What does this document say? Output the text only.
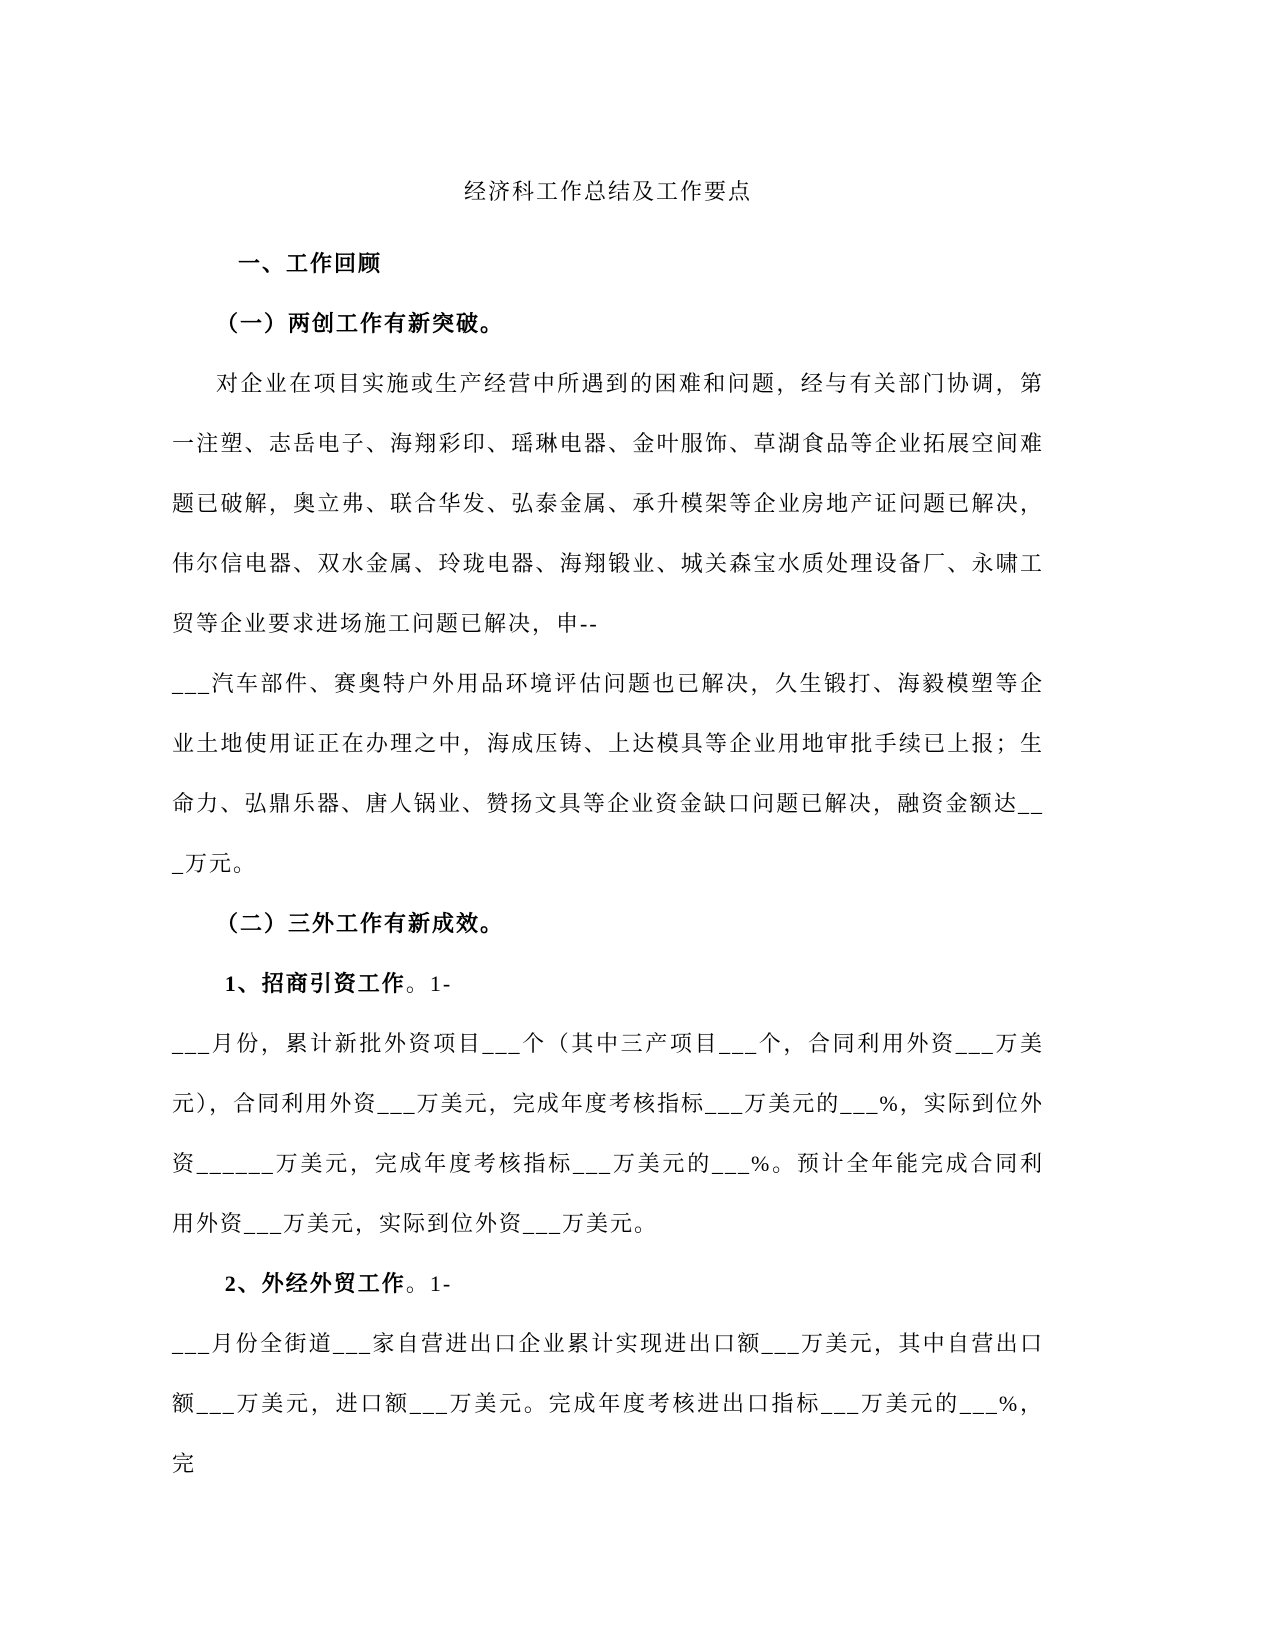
经济科工作总结及工作要点

一、工作回顾

（一）两创工作有新突破。

对企业在项目实施或生产经营中所遇到的困难和问题，经与有关部门协调，第一注塑、志岳电子、海翔彩印、瑶琳电器、金叶服饰、草湖食品等企业拓展空间难题已破解，奥立弗、联合华发、弘泰金属、承升模架等企业房地产证问题已解决，伟尔信电器、双水金属、玲珑电器、海翔锻业、城关森宝水质处理设备厂、永啸工贸等企业要求进场施工问题已解决，申--

___汽车部件、赛奥特户外用品环境评估问题也已解决，久生锻打、海毅模塑等企业土地使用证正在办理之中，海成压铸、上达模具等企业用地审批手续已上报；生命力、弘鼎乐器、唐人锅业、赞扬文具等企业资金缺口问题已解决，融资金额达___万元。

（二）三外工作有新成效。

1、招商引资工作。1-

___月份，累计新批外资项目___个（其中三产项目___个，合同利用外资___万美元），合同利用外资___万美元，完成年度考核指标___万美元的___%，实际到位外资______万美元，完成年度考核指标___万美元的___%。预计全年能完成合同利用外资___万美元，实际到位外资___万美元。

2、外经外贸工作。1-

___月份全街道___家自营进出口企业累计实现进出口额___万美元，其中自营出口额___万美元，进口额___万美元。完成年度考核进出口指标___万美元的___%，完
